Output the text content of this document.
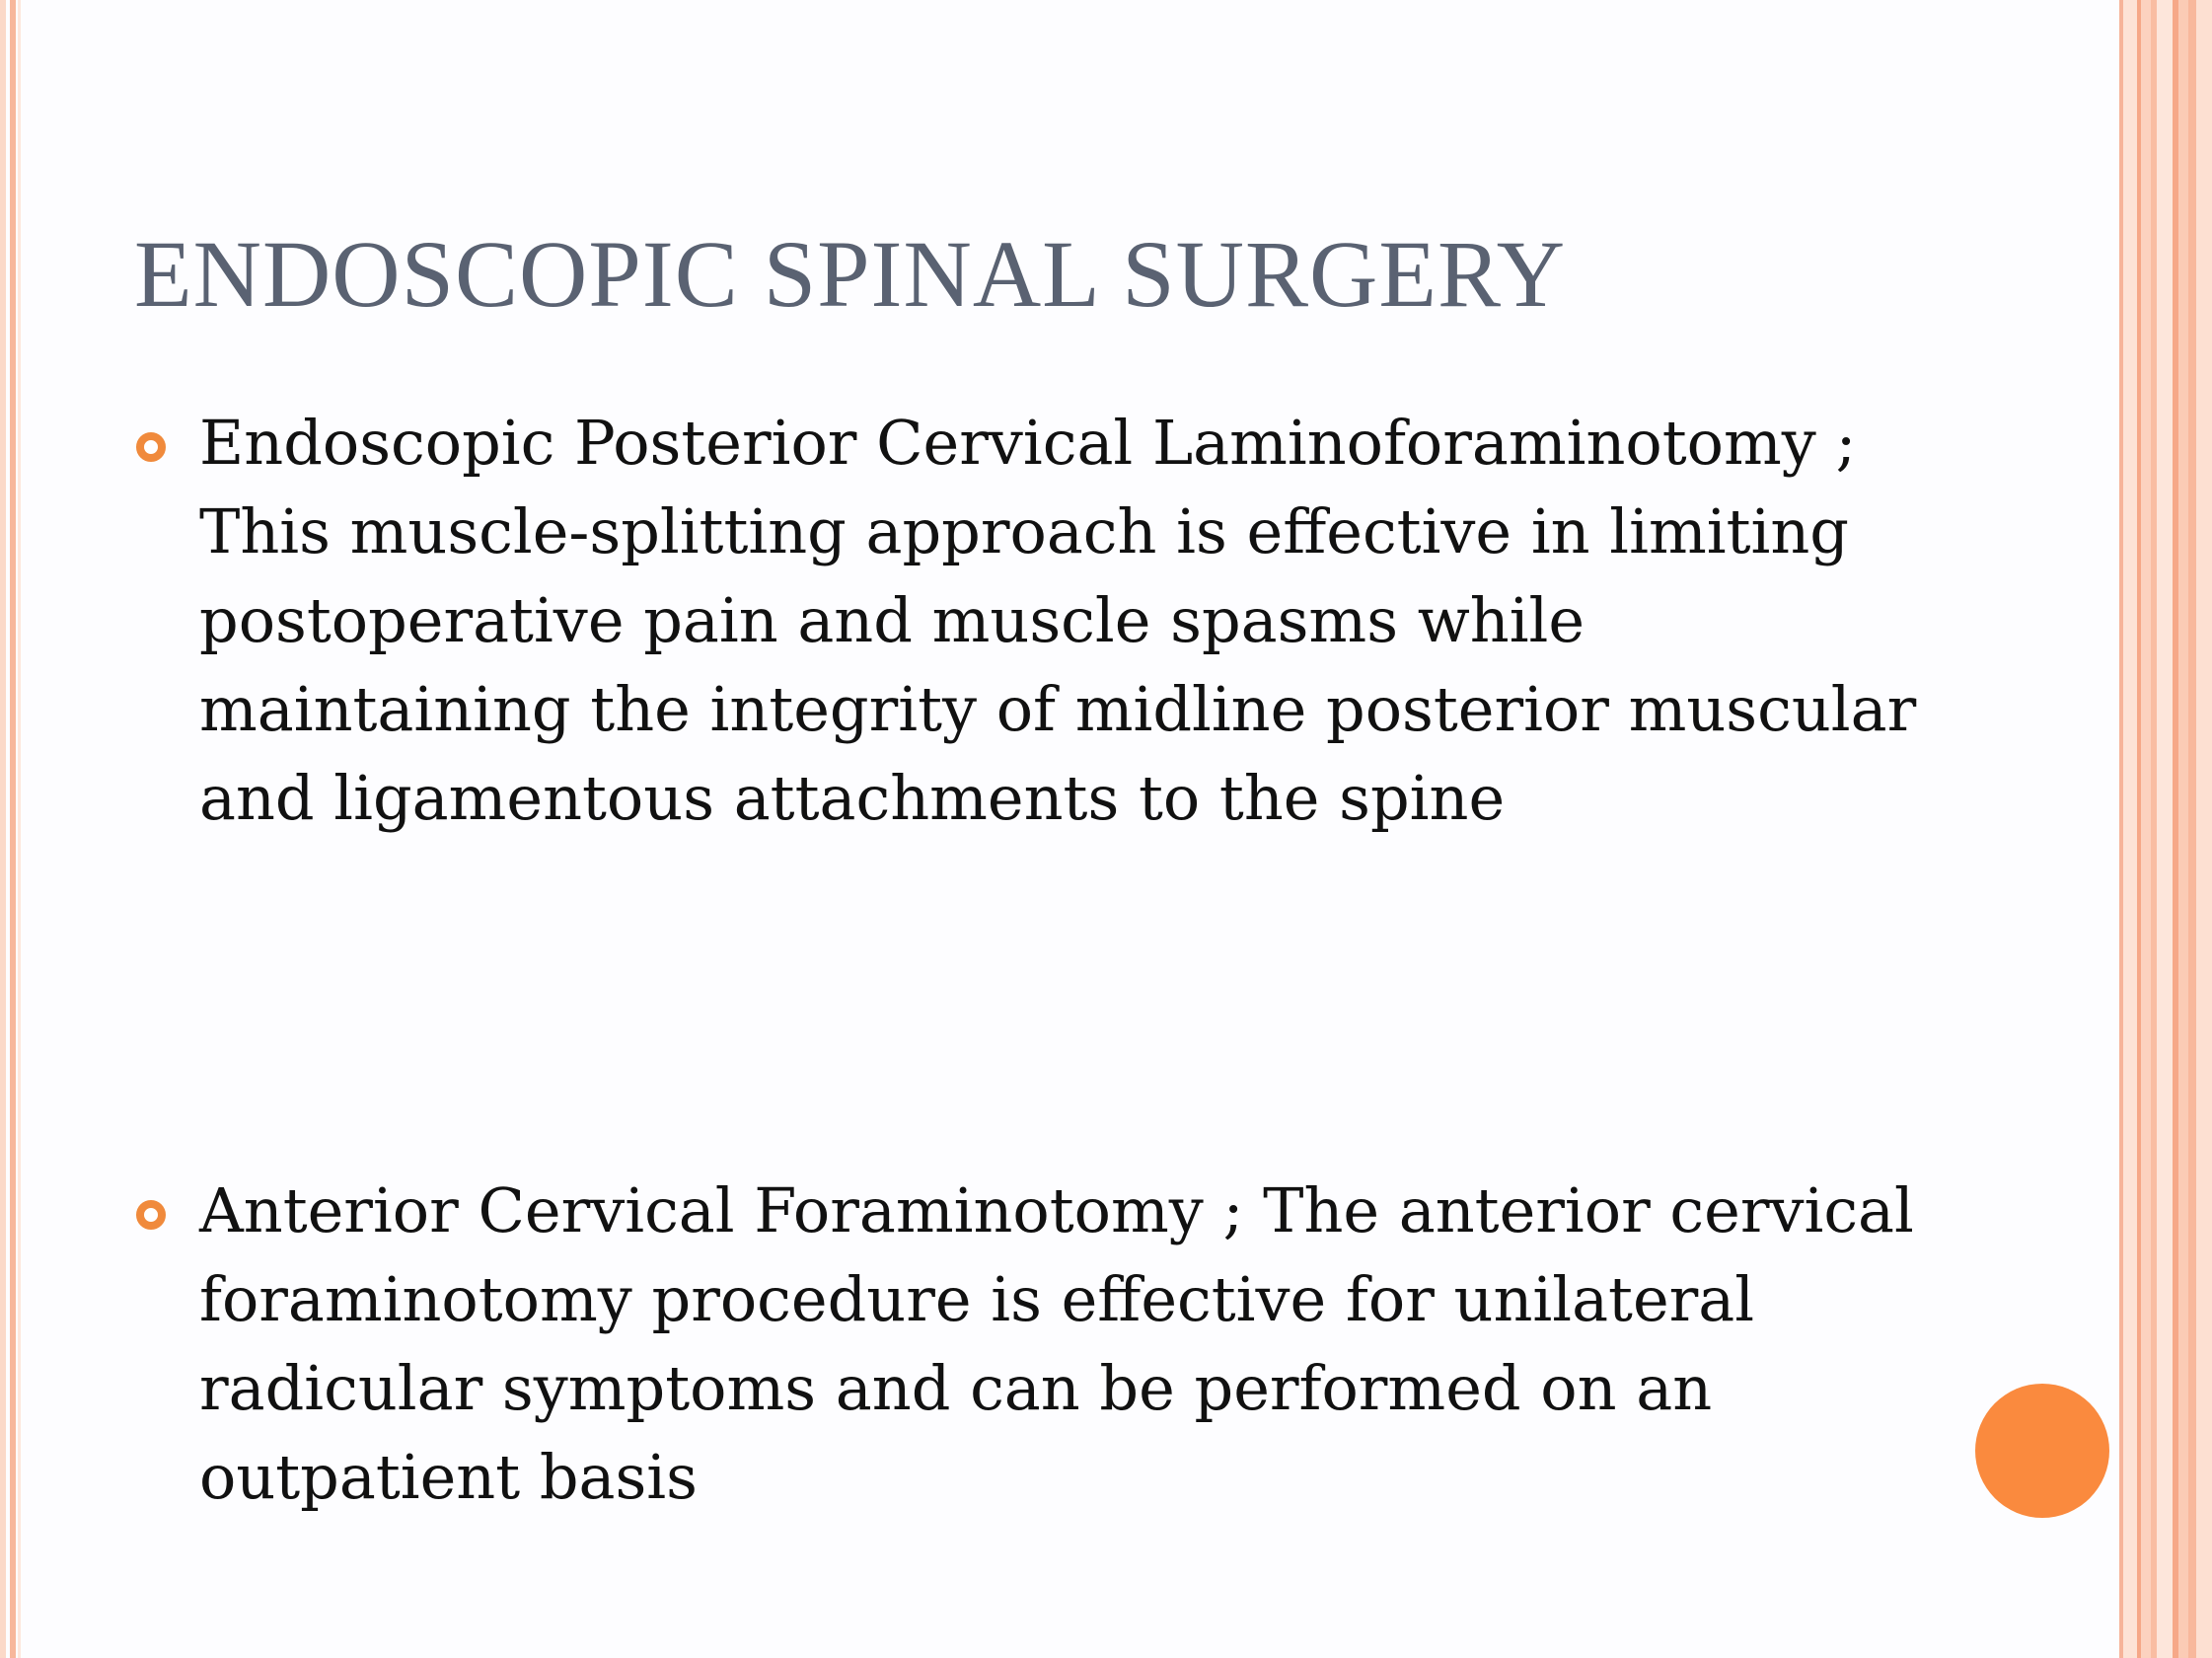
ENDOSCOPIC SPINAL SURGERY
Endoscopic Posterior Cervical Laminoforaminotomy ; This muscle-splitting approach is effective in limiting postoperative pain and muscle spasms while maintaining the integrity of midline posterior muscular and ligamentous attachments to the spine
Anterior Cervical Foraminotomy ; The anterior cervical foraminotomy procedure is effective for unilateral radicular symptoms and can be performed on an outpatient basis
